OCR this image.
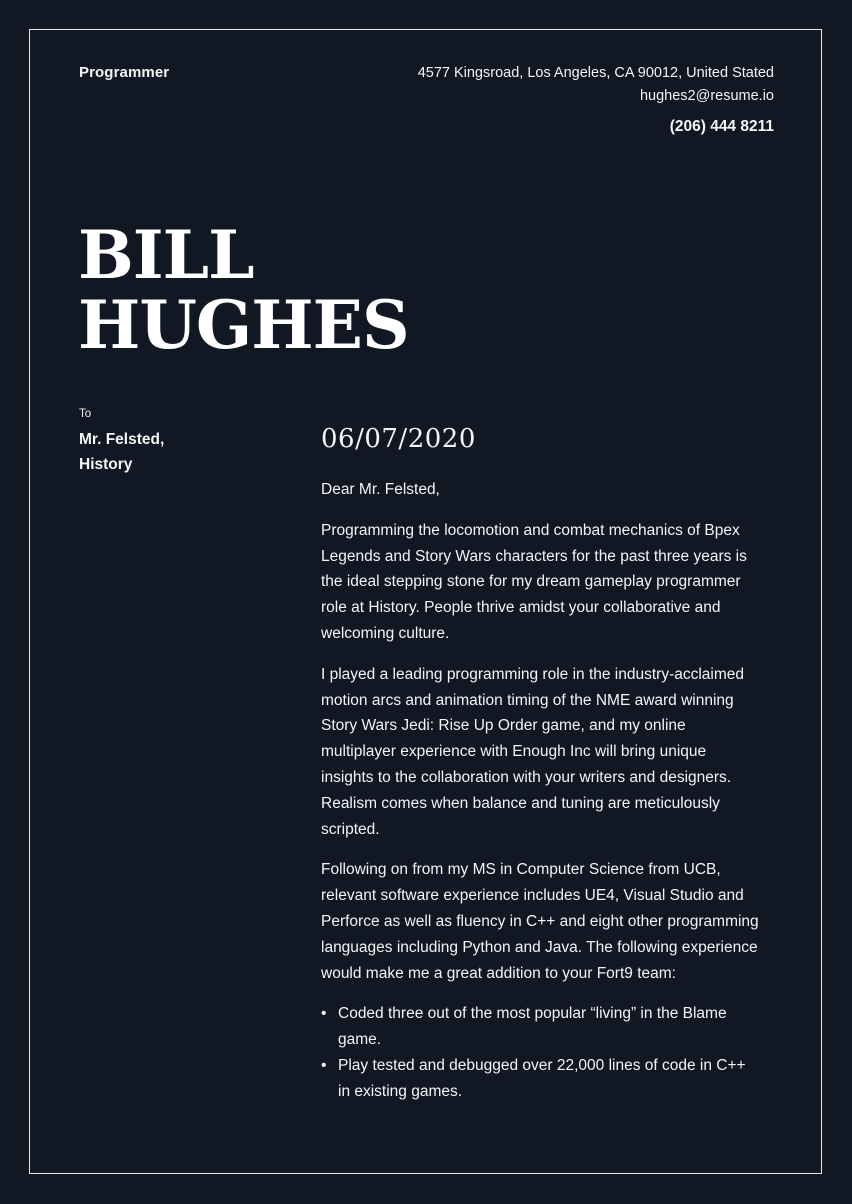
Programmer	4577 Kingsroad, Los Angeles, CA 90012, United Stated
hughes2@resume.io
(206) 444 8211
BILL
HUGHES
To
Mr. Felsted,
History
06/07/2020

Dear Mr. Felsted,

Programming the locomotion and combat mechanics of Bpex Legends and Story Wars characters for the past three years is the ideal stepping stone for my dream gameplay programmer role at History. People thrive amidst your collaborative and welcoming culture.

I played a leading programming role in the industry-acclaimed motion arcs and animation timing of the NME award winning Story Wars Jedi: Rise Up Order game, and my online multiplayer experience with Enough Inc will bring unique insights to the collaboration with your writers and designers. Realism comes when balance and tuning are meticulously scripted.

Following on from my MS in Computer Science from UCB, relevant software experience includes UE4, Visual Studio and Perforce as well as fluency in C++ and eight other programming languages including Python and Java. The following experience would make me a great addition to your Fort9 team:

• Coded three out of the most popular “living” in the Blame game.
• Play tested and debugged over 22,000 lines of code in C++ in existing games.
